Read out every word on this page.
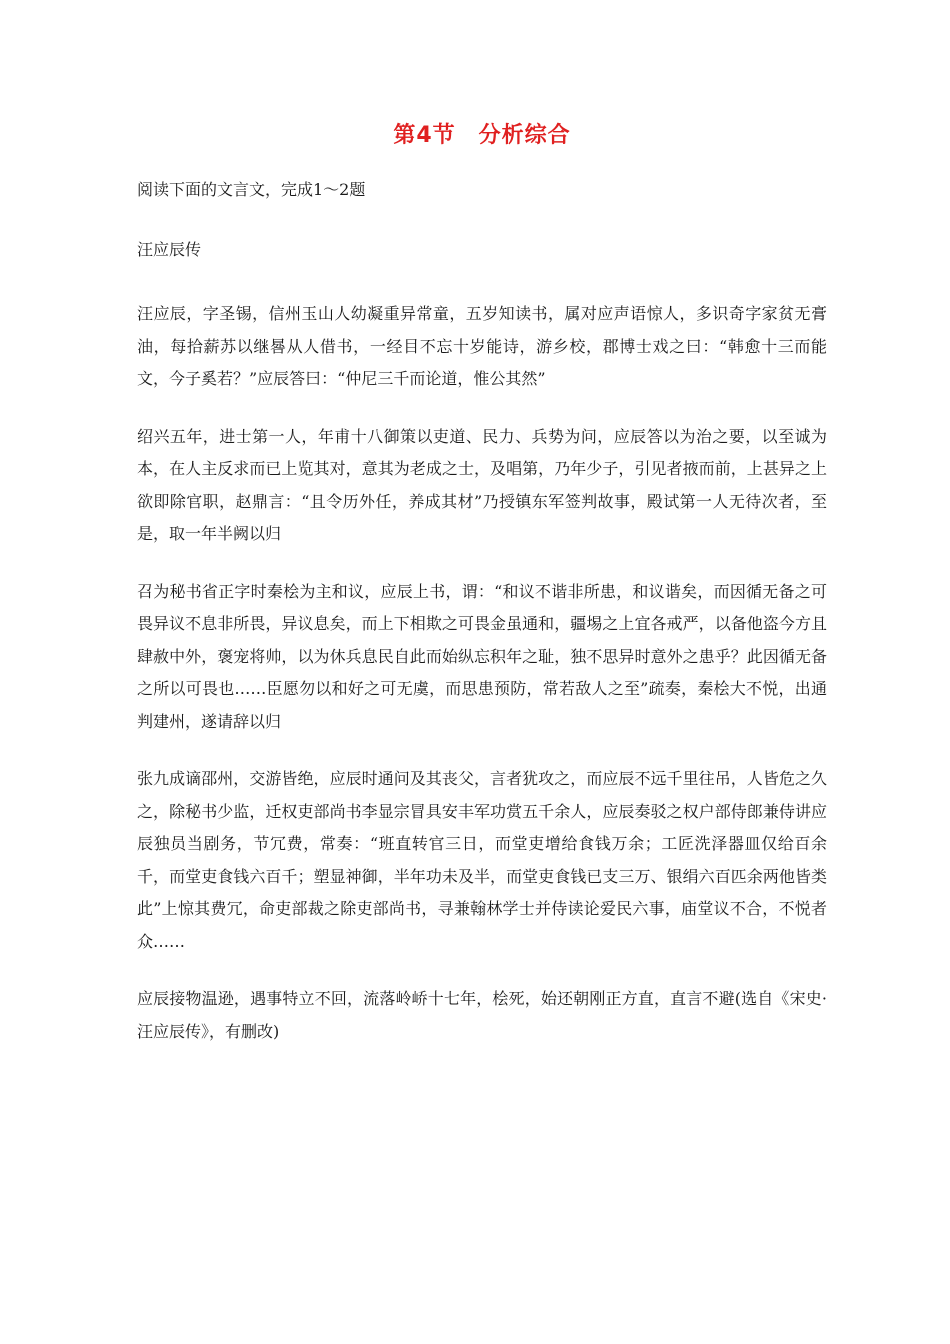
第4节　分析综合

阅读下面的文言文，完成1～2题

汪应辰传

汪应辰，字圣锡，信州玉山人幼凝重异常童，五岁知读书，属对应声语惊人，多识奇字家贫无膏油，每拾薪苏以继晷从人借书，一经目不忘十岁能诗，游乡校，郡博士戏之曰：“韩愈十三而能文，今子奚若？”应辰答曰：“仲尼三千而论道，惟公其然”

绍兴五年，进士第一人，年甫十八御策以吏道、民力、兵势为问，应辰答以为治之要，以至诚为本，在人主反求而已上览其对，意其为老成之士，及唱第，乃年少子，引见者掖而前，上甚异之上欲即除官职，赵鼎言：“且令历外任，养成其材”乃授镇东军签判故事，殿试第一人无待次者，至是，取一年半阙以归

召为秘书省正字时秦桧为主和议，应辰上书，谓：“和议不谐非所患，和议谐矣，而因循无备之可畏异议不息非所畏，异议息矣，而上下相欺之可畏金虽通和，疆埸之上宜各戒严，以备他盗今方且肆赦中外，褒宠将帅，以为休兵息民自此而始纵忘积年之耻，独不思异时意外之患乎？此因循无备之所以可畏也……臣愿勿以和好之可无虞，而思患预防，常若敌人之至”疏奏，秦桧大不悦，出通判建州，遂请辞以归

张九成谪邵州，交游皆绝，应辰时通问及其丧父，言者犹攻之，而应辰不远千里往吊，人皆危之久之，除秘书少监，迁权吏部尚书李显宗冒具安丰军功赏五千余人，应辰奏驳之权户部侍郎兼侍讲应辰独员当剧务，节冗费，常奏：“班直转官三日，而堂吏增给食钱万余；工匠洗泽器皿仅给百余千，而堂吏食钱六百千；塑显神御，半年功未及半，而堂吏食钱已支三万、银绢六百匹余两他皆类此”上惊其费冗，命吏部裁之除吏部尚书，寻兼翰林学士并侍读论爱民六事，庙堂议不合，不悦者众……

应辰接物温逊，遇事特立不回，流落岭峤十七年，桧死，始还朝刚正方直，直言不避(选自《宋史·汪应辰传》，有删改)
